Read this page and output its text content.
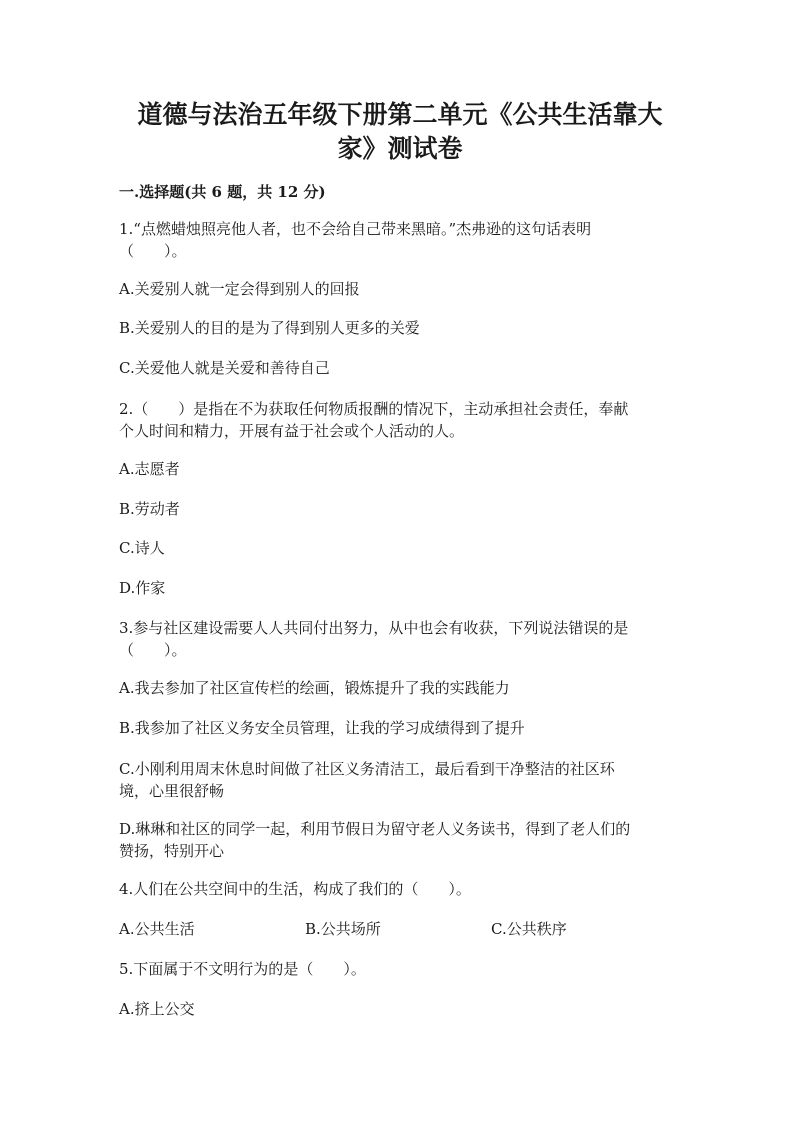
道德与法治五年级下册第二单元《公共生活靠大
家》测试卷

一.选择题(共 6 题，共 12 分)

1.“点燃蜡烛照亮他人者，也不会给自己带来黑暗。”杰弗逊的这句话表明

（　　）。

A.关爱别人就一定会得到别人的回报

B.关爱别人的目的是为了得到别人更多的关爱

C.关爱他人就是关爱和善待自己

2.（　　）是指在不为获取任何物质报酬的情况下，主动承担社会责任，奉献

个人时间和精力，开展有益于社会或个人活动的人。

A.志愿者

B.劳动者

C.诗人

D.作家

3.参与社区建设需要人人共同付出努力，从中也会有收获，下列说法错误的是

（　　）。

A.我去参加了社区宣传栏的绘画，锻炼提升了我的实践能力

B.我参加了社区义务安全员管理，让我的学习成绩得到了提升

C.小刚利用周末休息时间做了社区义务清洁工，最后看到干净整洁的社区环

境，心里很舒畅

D.琳琳和社区的同学一起，利用节假日为留守老人义务读书，得到了老人们的

赞扬，特别开心

4.人们在公共空间中的生活，构成了我们的（　　）。

A.公共生活	B.公共场所	C.公共秩序

5.下面属于不文明行为的是（　　）。

A.挤上公交
